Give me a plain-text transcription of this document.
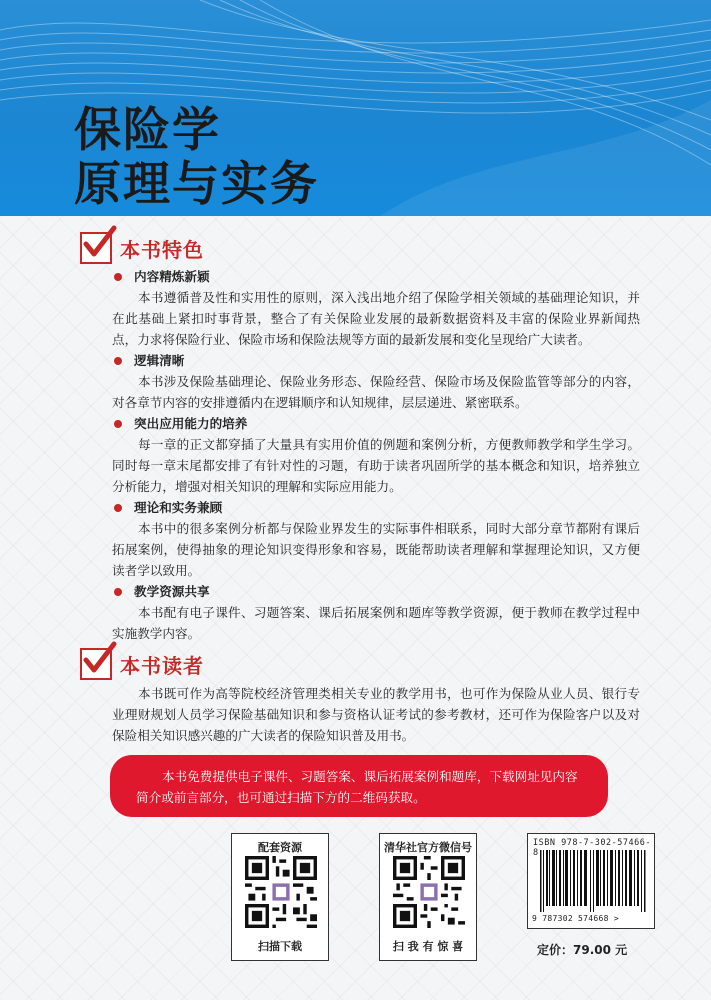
保险学
原理与实务
本书特色
内容精炼新颖
本书遵循普及性和实用性的原则，深入浅出地介绍了保险学相关领域的基础理论知识，并在此基础上紧扣时事背景，整合了有关保险业发展的最新数据资料及丰富的保险业界新闻热点，力求将保险行业、保险市场和保险法规等方面的最新发展和变化呈现给广大读者。
逻辑清晰
本书涉及保险基础理论、保险业务形态、保险经营、保险市场及保险监管等部分的内容，对各章节内容的安排遵循内在逻辑顺序和认知规律，层层递进、紧密联系。
突出应用能力的培养
每一章的正文都穿插了大量具有实用价值的例题和案例分析，方便教师教学和学生学习。同时每一章末尾都安排了有针对性的习题，有助于读者巩固所学的基本概念和知识，培养独立分析能力，增强对相关知识的理解和实际应用能力。
理论和实务兼顾
本书中的很多案例分析都与保险业界发生的实际事件相联系，同时大部分章节都附有课后拓展案例，使得抽象的理论知识变得形象和容易，既能帮助读者理解和掌握理论知识，又方便读者学以致用。
教学资源共享
本书配有电子课件、习题答案、课后拓展案例和题库等教学资源，便于教师在教学过程中实施教学内容。
本书读者
本书既可作为高等院校经济管理类相关专业的教学用书，也可作为保险从业人员、银行专业理财规划人员学习保险基础知识和参与资格认证考试的参考教材，还可作为保险客户以及对保险相关知识感兴趣的广大读者的保险知识普及用书。
本书免费提供电子课件、习题答案、课后拓展案例和题库，下载网址见内容简介或前言部分，也可通过扫描下方的二维码获取。
配套资源
扫描下载
清华社官方微信号
扫 我 有 惊 喜
ISBN 978-7-302-57466-8
9 787302 574668 >
定价：79.00 元
